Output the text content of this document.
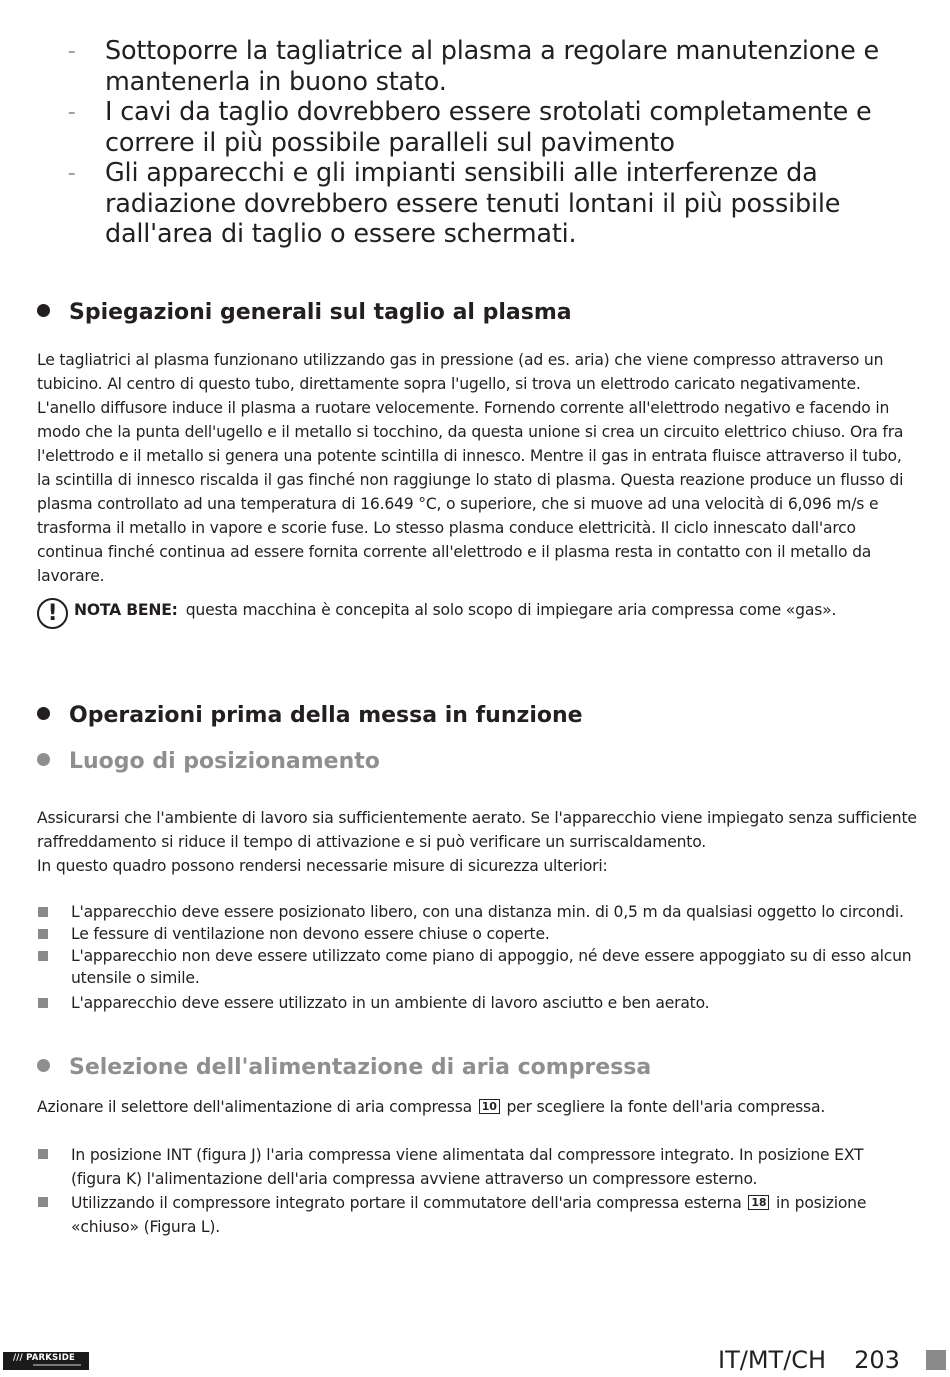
– Sottoporre la tagliatrice al plasma a regolare manutenzione e mantenerla in buono stato.
– I cavi da taglio dovrebbero essere srotolati completamente e correre il più possibile paralleli sul pavimento
– Gli apparecchi e gli impianti sensibili alle interferenze da radiazione dovrebbero essere tenuti lontani il più possibile dall'area di taglio o essere schermati.
Spiegazioni generali sul taglio al plasma

Le tagliatrici al plasma funzionano utilizzando gas in pressione (ad es. aria) che viene compresso attraverso un tubicino. Al centro di questo tubo, direttamente sopra l'ugello, si trova un elettrodo caricato negativamente. L'anello diffusore induce il plasma a ruotare velocemente. Fornendo corrente all'elettrodo negativo e facendo in modo che la punta dell'ugello e il metallo si tocchino, da questa unione si crea un circuito elettrico chiuso. Ora fra l'elettrodo e il metallo si genera una potente scintilla di innesco. Mentre il gas in entrata fluisce attraverso il tubo, la scintilla di innesco riscalda il gas finché non raggiunge lo stato di plasma. Questa reazione produce un flusso di plasma controllato ad una temperatura di 16.649 °C, o superiore, che si muove ad una velocità di 6,096 m/s e trasforma il metallo in vapore e scorie fuse. Lo stesso plasma conduce elettricità. Il ciclo innescato dall'arco continua finché continua ad essere fornita corrente all'elettrodo e il plasma resta in contatto con il metallo da lavorare.

! NOTA BENE: questa macchina è concepita al solo scopo di impiegare aria compressa come «gas».
Operazioni prima della messa in funzione
Luogo di posizionamento

Assicurarsi che l'ambiente di lavoro sia sufficientemente aerato. Se l'apparecchio viene impiegato senza sufficiente raffreddamento si riduce il tempo di attivazione e si può verificare un surriscaldamento.
In questo quadro possono rendersi necessarie misure di sicurezza ulteriori:

L'apparecchio deve essere posizionato libero, con una distanza min. di 0,5 m da qualsiasi oggetto lo circondi.
Le fessure di ventilazione non devono essere chiuse o coperte.
L'apparecchio non deve essere utilizzato come piano di appoggio, né deve essere appoggiato su di esso alcun utensile o simile.
L'apparecchio deve essere utilizzato in un ambiente di lavoro asciutto e ben aerato.
Selezione dell'alimentazione di aria compressa

Azionare il selettore dell'alimentazione di aria compressa 10 per scegliere la fonte dell'aria compressa.

In posizione INT (figura J) l'aria compressa viene alimentata dal compressore integrato. In posizione EXT (figura K) l'alimentazione dell'aria compressa avviene attraverso un compressore esterno.
Utilizzando il compressore integrato portare il commutatore dell'aria compressa esterna 18 in posizione «chiuso» (Figura L).
/// PARKSIDE	IT/MT/CH 203
